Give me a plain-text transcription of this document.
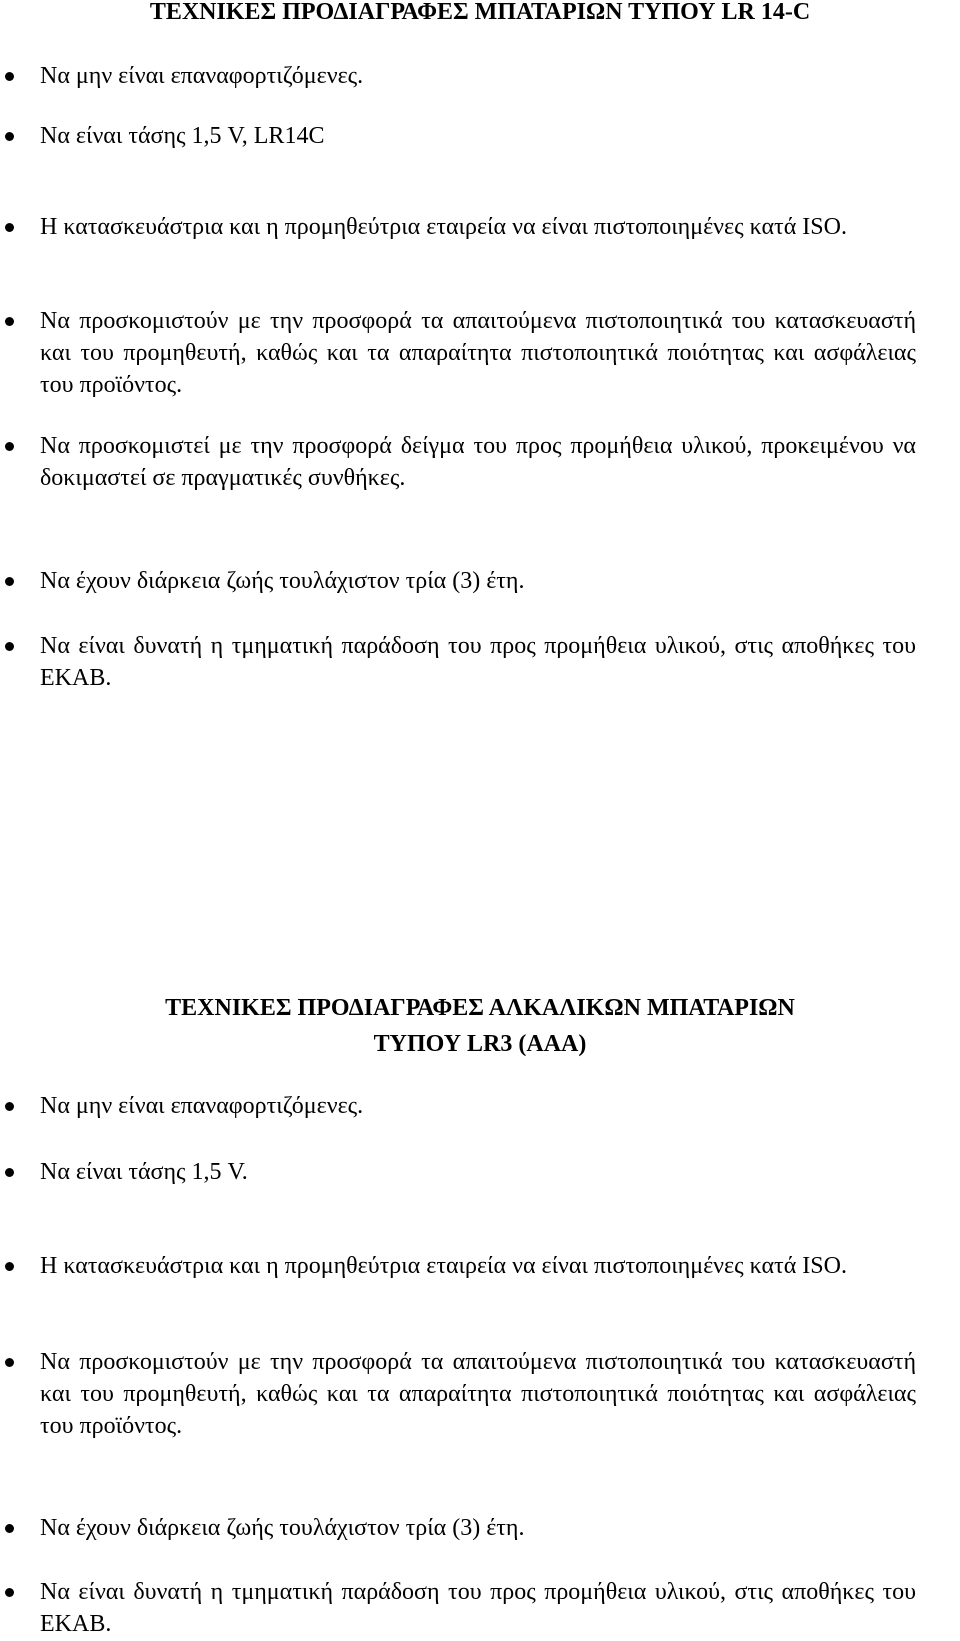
ΤΕΧΝΙΚΕΣ ΠΡΟΔΙΑΓΡΑΦΕΣ ΜΠΑΤΑΡΙΩΝ ΤΥΠΟΥ LR 14-C
Να μην είναι επαναφορτιζόμενες.
Να είναι τάσης 1,5 V, LR14C
Η κατασκευάστρια και η προμηθεύτρια εταιρεία να είναι πιστοποιημένες κατά ISO.
Να προσκομιστούν με την προσφορά τα απαιτούμενα πιστοποιητικά του κατασκευαστή και του προμηθευτή, καθώς και τα απαραίτητα πιστοποιητικά ποιότητας και ασφάλειας του προϊόντος.
Να προσκομιστεί με την προσφορά δείγμα του προς προμήθεια υλικού, προκειμένου να δοκιμαστεί σε πραγματικές συνθήκες.
Να έχουν διάρκεια ζωής τουλάχιστον τρία (3) έτη.
Να είναι δυνατή η τμηματική παράδοση του προς προμήθεια υλικού, στις αποθήκες του ΕΚΑΒ.
ΤΕΧΝΙΚΕΣ ΠΡΟΔΙΑΓΡΑΦΕΣ ΑΛΚΑΛΙΚΩΝ ΜΠΑΤΑΡΙΩΝ
ΤΥΠΟΥ LR3 (AAA)
Να μην είναι επαναφορτιζόμενες.
Να είναι τάσης 1,5 V.
Η κατασκευάστρια και η προμηθεύτρια εταιρεία να είναι πιστοποιημένες κατά ISO.
Να προσκομιστούν με την προσφορά τα απαιτούμενα πιστοποιητικά του κατασκευαστή και του προμηθευτή, καθώς και τα απαραίτητα πιστοποιητικά ποιότητας και ασφάλειας του προϊόντος.
Να έχουν διάρκεια ζωής τουλάχιστον τρία (3) έτη.
Να είναι δυνατή η τμηματική παράδοση του προς προμήθεια υλικού, στις αποθήκες του ΕΚΑΒ.
